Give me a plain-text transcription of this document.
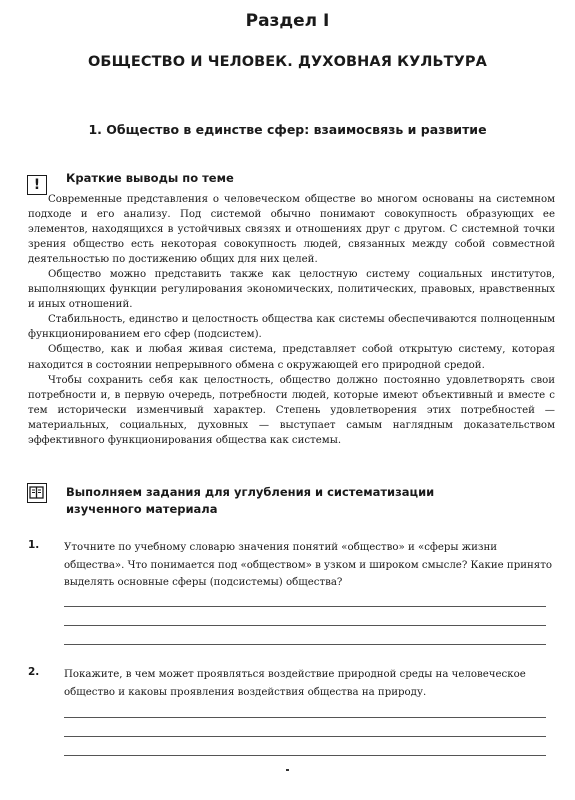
Раздел I
ОБЩЕСТВО И ЧЕЛОВЕК. ДУХОВНАЯ КУЛЬТУРА
1. Общество в единстве сфер: взаимосвязь и развитие
! Краткие выводы по теме

Современные представления о человеческом обществе во многом основаны на системном подходе и его анализу. Под системой обычно понимают совокупность образующих ее элементов, находящихся в устойчивых связях и отношениях друг с другом. С системной точки зрения общество есть некоторая совокупность людей, связанных между собой совместной деятельностью по достижению общих для них целей.

Общество можно представить также как целостную систему социальных институтов, выполняющих функции регулирования экономических, политических, правовых, нравственных и иных отношений.

Стабильность, единство и целостность общества как системы обеспечиваются полноценным функционированием его сфер (подсистем).

Общество, как и любая живая система, представляет собой открытую систему, которая находится в состоянии непрерывного обмена с окружающей его природной средой.

Чтобы сохранить себя как целостность, общество должно постоянно удовлетворять свои потребности и, в первую очередь, потребности людей, которые имеют объективный и вместе с тем исторически изменчивый характер. Степень удовлетворения этих потребностей — материальных, социальных, духовных — выступает самым наглядным доказательством эффективного функционирования общества как системы.

Выполняем задания для углубления и систематизации изученного материала
1. Уточните по учебному словарю значения понятий «общество» и «сферы жизни общества». Что понимается под «обществом» в узком и широком смысле? Какие принято выделять основные сферы (подсистемы) общества?
2. Покажите, в чем может проявляться воздействие природной среды на человеческое общество и каковы проявления воздействия общества на природу.
